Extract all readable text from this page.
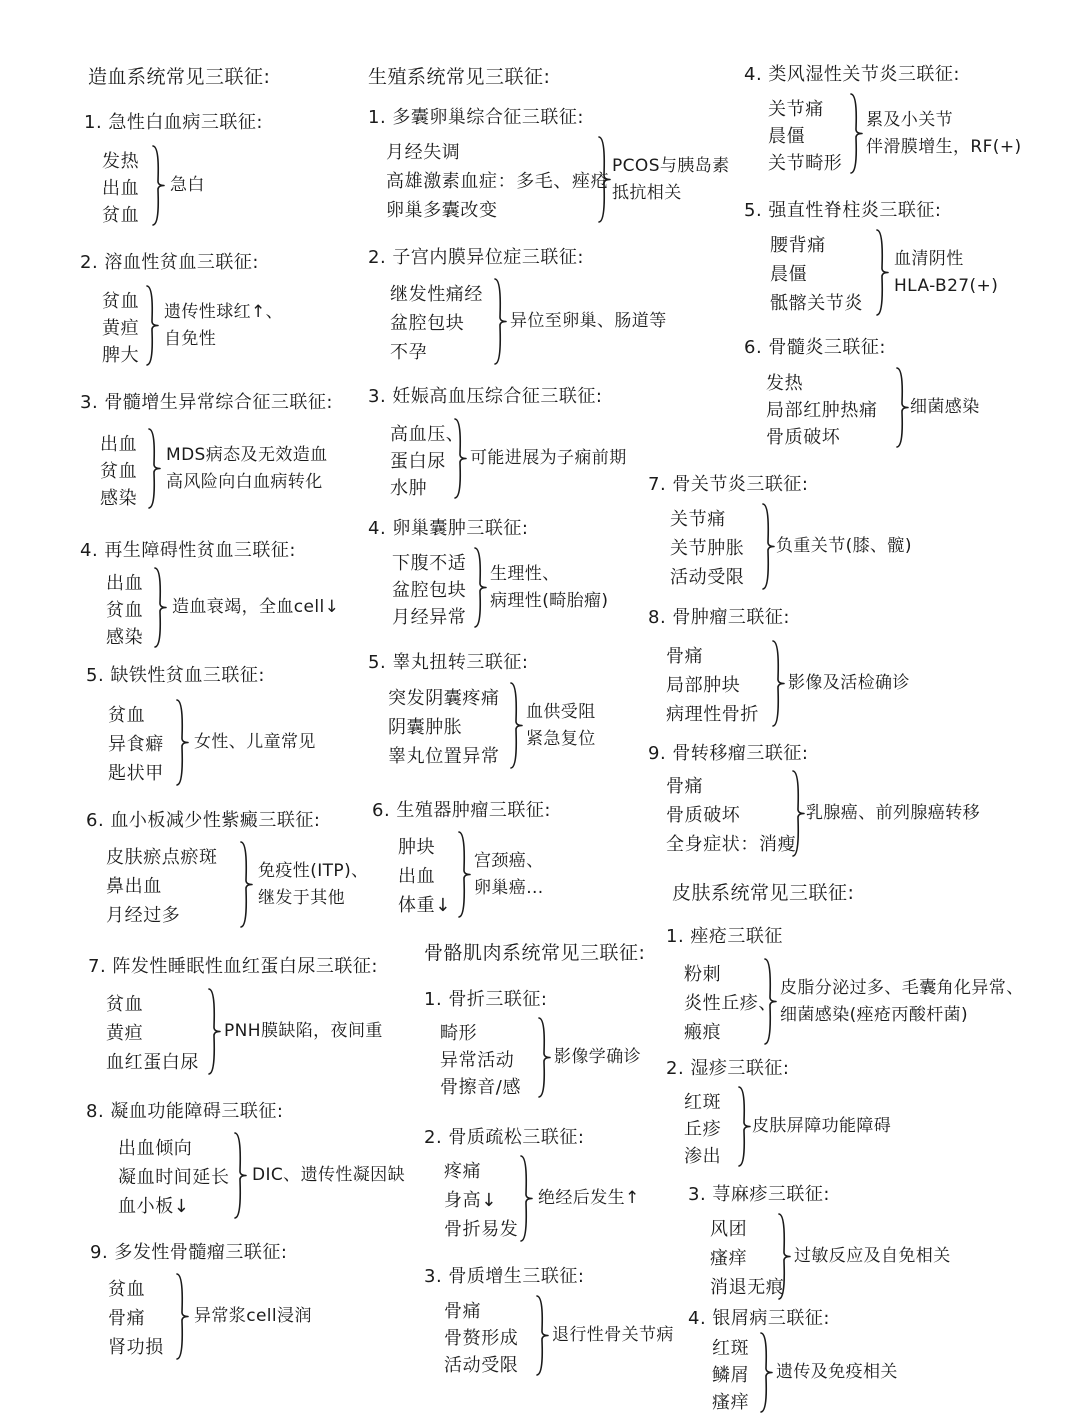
造血系统常见三联征:	生殖系统常见三联征:
骨骼肌肉系统常见三联征:
皮肤系统常见三联征:
1. 急性白血病三联征:
发热
出血
贫血
急白
2. 溶血性贫血三联征:
贫血
黄疸
脾大
遗传性球红↑、
自免性
3. 骨髓增生异常综合征三联征:
出血
贫血
感染
MDS病态及无效造血
高风险向白血病转化
4. 再生障碍性贫血三联征:
出血
贫血
感染
造血衰竭，全血cell↓
5. 缺铁性贫血三联征:
贫血
异食癖
匙状甲
女性、儿童常见
6. 血小板减少性紫癜三联征:
皮肤瘀点瘀斑
鼻出血
月经过多
免疫性(ITP)、
继发于其他
7. 阵发性睡眠性血红蛋白尿三联征:
贫血
黄疸
血红蛋白尿
PNH膜缺陷，夜间重
8. 凝血功能障碍三联征:
出血倾向
凝血时间延长
血小板↓
DIC、遗传性凝因缺
9. 多发性骨髓瘤三联征:
贫血
骨痛
肾功损
异常浆cell浸润
1. 多囊卵巢综合征三联征:
月经失调
高雄激素血症：多毛、痤疮
卵巢多囊改变
PCOS与胰岛素
抵抗相关
2. 子宫内膜异位症三联征:
继发性痛经
盆腔包块
不孕
异位至卵巢、肠道等
3. 妊娠高血压综合征三联征:
高血压、
蛋白尿
水肿
可能进展为子痫前期
4. 卵巢囊肿三联征:
下腹不适
盆腔包块
月经异常
生理性、
病理性(畸胎瘤)
5. 睾丸扭转三联征:
突发阴囊疼痛
阴囊肿胀
睾丸位置异常
血供受阻
紧急复位
6. 生殖器肿瘤三联征:
肿块
出血
体重↓
宫颈癌、
卵巢癌...
1. 骨折三联征:
畸形
异常活动
骨擦音/感
影像学确诊
2. 骨质疏松三联征:
疼痛
身高↓
骨折易发
绝经后发生↑
3. 骨质增生三联征:
骨痛
骨赘形成
活动受限
退行性骨关节病
4. 类风湿性关节炎三联征:
关节痛
晨僵
关节畸形
累及小关节
伴滑膜增生，RF(+)
5. 强直性脊柱炎三联征:
腰背痛
晨僵
骶髂关节炎
血清阴性
HLA-B27(+)
6. 骨髓炎三联征:
发热
局部红肿热痛
骨质破坏
细菌感染
7. 骨关节炎三联征:
关节痛
关节肿胀
活动受限
负重关节(膝、髋)
8. 骨肿瘤三联征:
骨痛
局部肿块
病理性骨折
影像及活检确诊
9. 骨转移瘤三联征:
骨痛
骨质破坏
全身症状：消瘦
乳腺癌、前列腺癌转移
1. 痤疮三联征
粉刺
炎性丘疹、
瘢痕
皮脂分泌过多、毛囊角化异常、
细菌感染(痤疮丙酸杆菌)
2. 湿疹三联征:
红斑
丘疹
渗出
皮肤屏障功能障碍
3. 荨麻疹三联征:
风团
瘙痒
消退无痕
过敏反应及自免相关
4. 银屑病三联征:
红斑
鳞屑
瘙痒
遗传及免疫相关
